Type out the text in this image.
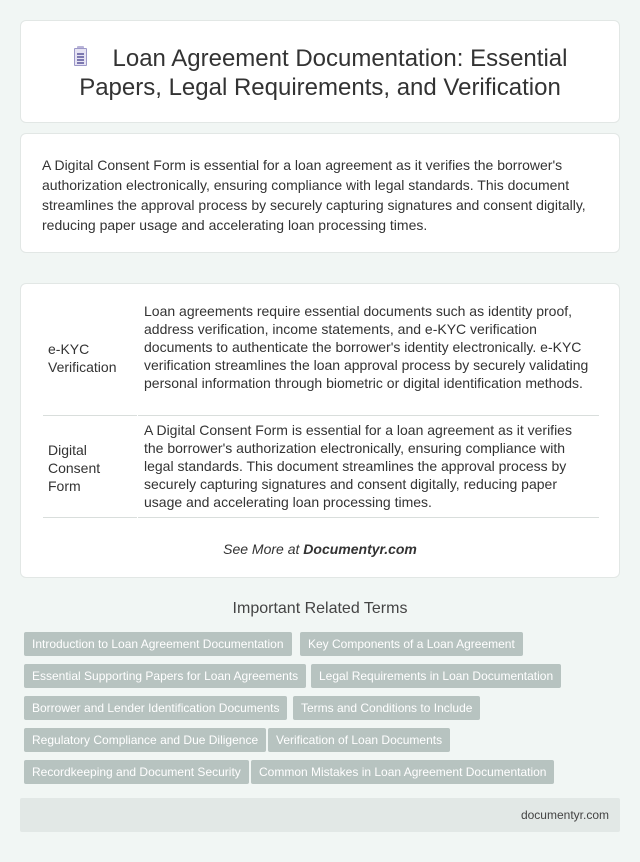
Loan Agreement Documentation: Essential
Papers, Legal Requirements, and Verification

A Digital Consent Form is essential for a loan agreement as it verifies the borrower's authorization electronically, ensuring compliance with legal standards. This document streamlines the approval process by securely capturing signatures and consent digitally, reducing paper usage and accelerating loan processing times.

e-KYC Verification
Loan agreements require essential documents such as identity proof, address verification, income statements, and e-KYC verification documents to authenticate the borrower's identity electronically. e-KYC verification streamlines the loan approval process by securely validating personal information through biometric or digital identification methods.
Digital Consent Form
A Digital Consent Form is essential for a loan agreement as it verifies the borrower's authorization electronically, ensuring compliance with legal standards. This document streamlines the approval process by securely capturing signatures and consent digitally, reducing paper usage and accelerating loan processing times.
See More at Documentyr.com
Important Related Terms
Introduction to Loan Agreement Documentation	Key Components of a Loan Agreement
Essential Supporting Papers for Loan Agreements	Legal Requirements in Loan Documentation
Borrower and Lender Identification Documents	Terms and Conditions to Include
Regulatory Compliance and Due Diligence	Verification of Loan Documents
Recordkeeping and Document Security	Common Mistakes in Loan Agreement Documentation
documentyr.com
